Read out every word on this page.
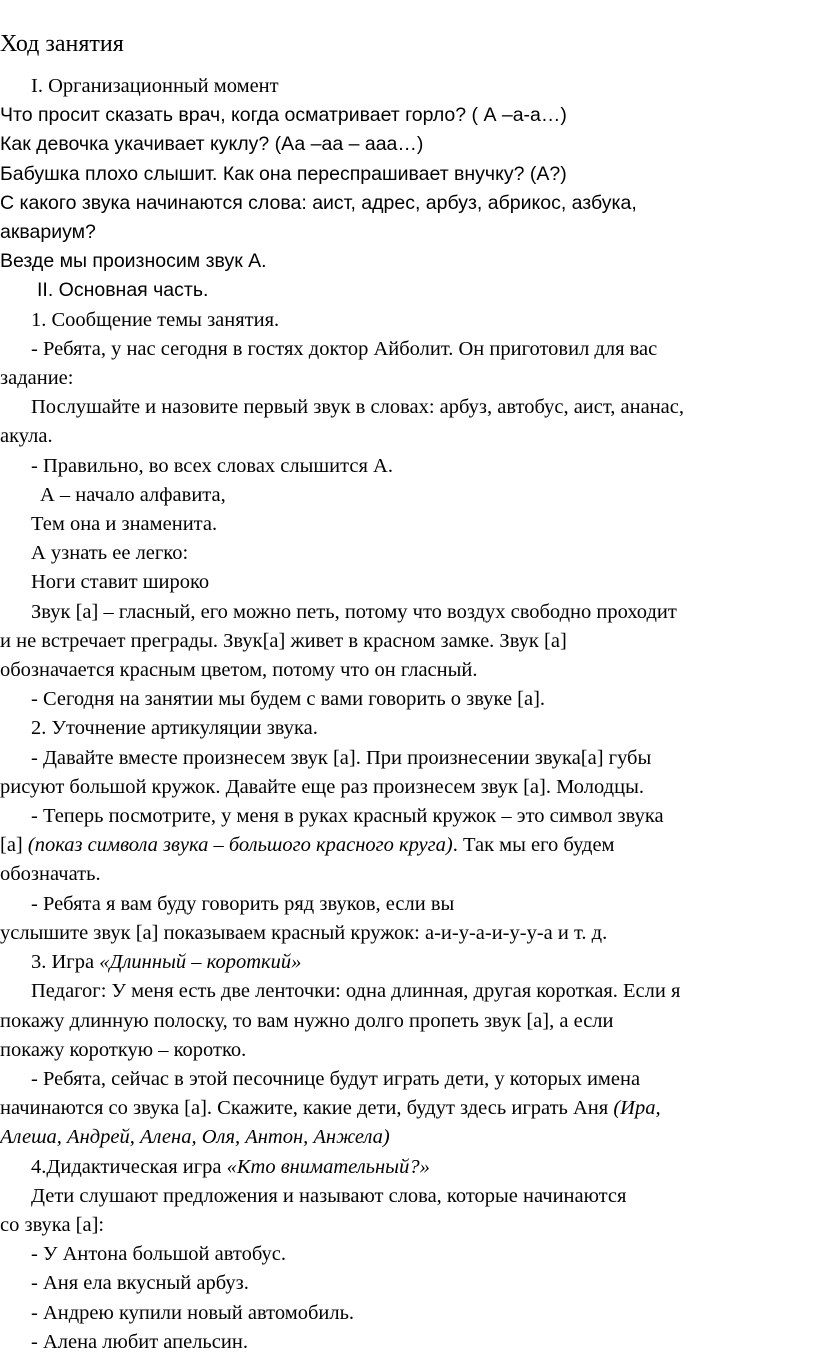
Ход занятия
I. Организационный момент
Что просит сказать врач, когда осматривает горло? ( А –а-а…)
Как девочка укачивает куклу? (Аа –аа – ааа…)
Бабушка плохо слышит. Как она переспрашивает внучку? (А?)
С какого звука начинаются слова: аист, адрес, арбуз, абрикос, азбука,
аквариум?
Везде мы произносим звук А.
II. Основная часть.
1. Сообщение темы занятия.
- Ребята, у нас сегодня в гостях доктор Айболит. Он приготовил для вас
задание:
Послушайте и назовите первый звук в словах: арбуз, автобус, аист, ананас,
акула.
- Правильно, во всех словах слышится А.
А – начало алфавита,
Тем она и знаменита.
А узнать ее легко:
Ноги ставит широко
Звук [а] – гласный, его можно петь, потому что воздух свободно проходит
и не встречает преграды. Звук[а] живет в красном замке. Звук [а]
обозначается красным цветом, потому что он гласный.
- Сегодня на занятии мы будем с вами говорить о звуке [а].
2. Уточнение артикуляции звука.
- Давайте вместе произнесем звук [а]. При произнесении звука[а] губы
рисуют большой кружок. Давайте еще раз произнесем звук [а]. Молодцы.
- Теперь посмотрите, у меня в руках красный кружок – это символ звука
[а] (показ символа звука – большого красного круга). Так мы его будем
обозначать.
- Ребята я вам буду говорить ряд звуков, если вы
услышите звук [а] показываем красный кружок: а-и-у-а-и-у-у-а и т. д.
3. Игра «Длинный – короткий»
Педагог: У меня есть две ленточки: одна длинная, другая короткая. Если я
покажу длинную полоску, то вам нужно долго пропеть звук [а], а если
покажу короткую – коротко.
- Ребята, сейчас в этой песочнице будут играть дети, у которых имена
начинаются со звука [а]. Скажите, какие дети, будут здесь играть Аня (Ира,
Алеша, Андрей, Алена, Оля, Антон, Анжела)
4.Дидактическая игра «Кто внимательный?»
Дети слушают предложения и называют слова, которые начинаются
со звука [а]:
- У Антона большой автобус.
- Аня ела вкусный арбуз.
- Андрею купили новый автомобиль.
- Алена любит апельсин.
